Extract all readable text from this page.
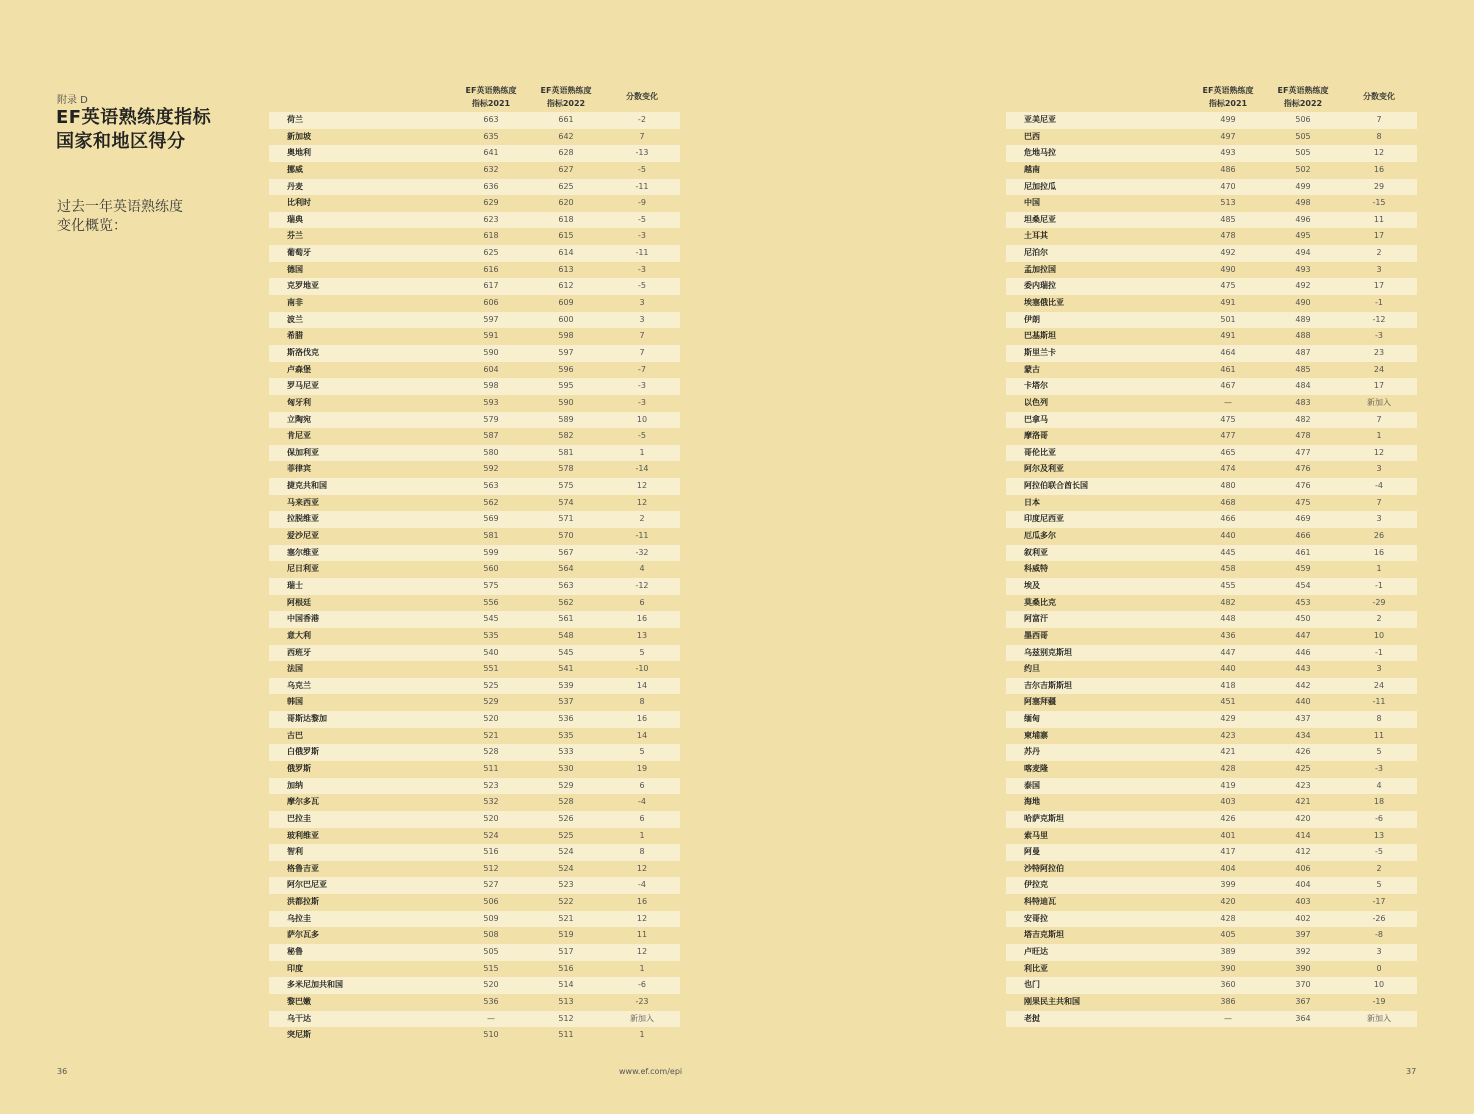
附录 D
EF英语熟练度指标
国家和地区得分
过去一年英语熟练度
变化概览：
EF英语熟练度
指标2021
EF英语熟练度
指标2022
分数变化
荷兰	663	661	-2
新加坡	635	642	7
奥地利	641	628	-13
挪威	632	627	-5
丹麦	636	625	-11
比利时	629	620	-9
瑞典	623	618	-5
芬兰	618	615	-3
葡萄牙	625	614	-11
德国	616	613	-3
克罗地亚	617	612	-5
南非	606	609	3
波兰	597	600	3
希腊	591	598	7
斯洛伐克	590	597	7
卢森堡	604	596	-7
罗马尼亚	598	595	-3
匈牙利	593	590	-3
立陶宛	579	589	10
肯尼亚	587	582	-5
保加利亚	580	581	1
菲律宾	592	578	-14
捷克共和国	563	575	12
马来西亚	562	574	12
拉脱维亚	569	571	2
爱沙尼亚	581	570	-11
塞尔维亚	599	567	-32
尼日利亚	560	564	4
瑞士	575	563	-12
阿根廷	556	562	6
中国香港	545	561	16
意大利	535	548	13
西班牙	540	545	5
法国	551	541	-10
乌克兰	525	539	14
韩国	529	537	8
哥斯达黎加	520	536	16
古巴	521	535	14
白俄罗斯	528	533	5
俄罗斯	511	530	19
加纳	523	529	6
摩尔多瓦	532	528	-4
巴拉圭	520	526	6
玻利维亚	524	525	1
智利	516	524	8
格鲁吉亚	512	524	12
阿尔巴尼亚	527	523	-4
洪都拉斯	506	522	16
乌拉圭	509	521	12
萨尔瓦多	508	519	11
秘鲁	505	517	12
印度	515	516	1
多米尼加共和国	520	514	-6
黎巴嫩	536	513	-23
乌干达	—	512	新加入
突尼斯	510	511	1
EF英语熟练度
指标2021
EF英语熟练度
指标2022
分数变化
亚美尼亚	499	506	7
巴西	497	505	8
危地马拉	493	505	12
越南	486	502	16
尼加拉瓜	470	499	29
中国	513	498	-15
坦桑尼亚	485	496	11
土耳其	478	495	17
尼泊尔	492	494	2
孟加拉国	490	493	3
委内瑞拉	475	492	17
埃塞俄比亚	491	490	-1
伊朗	501	489	-12
巴基斯坦	491	488	-3
斯里兰卡	464	487	23
蒙古	461	485	24
卡塔尔	467	484	17
以色列	—	483	新加入
巴拿马	475	482	7
摩洛哥	477	478	1
哥伦比亚	465	477	12
阿尔及利亚	474	476	3
阿拉伯联合酋长国	480	476	-4
日本	468	475	7
印度尼西亚	466	469	3
厄瓜多尔	440	466	26
叙利亚	445	461	16
科威特	458	459	1
埃及	455	454	-1
莫桑比克	482	453	-29
阿富汗	448	450	2
墨西哥	436	447	10
乌兹别克斯坦	447	446	-1
约旦	440	443	3
吉尔吉斯斯坦	418	442	24
阿塞拜疆	451	440	-11
缅甸	429	437	8
柬埔寨	423	434	11
苏丹	421	426	5
喀麦隆	428	425	-3
泰国	419	423	4
海地	403	421	18
哈萨克斯坦	426	420	-6
索马里	401	414	13
阿曼	417	412	-5
沙特阿拉伯	404	406	2
伊拉克	399	404	5
科特迪瓦	420	403	-17
安哥拉	428	402	-26
塔吉克斯坦	405	397	-8
卢旺达	389	392	3
利比亚	390	390	0
也门	360	370	10
刚果民主共和国	386	367	-19
老挝	—	364	新加入
36	www.ef.com/epi	37
